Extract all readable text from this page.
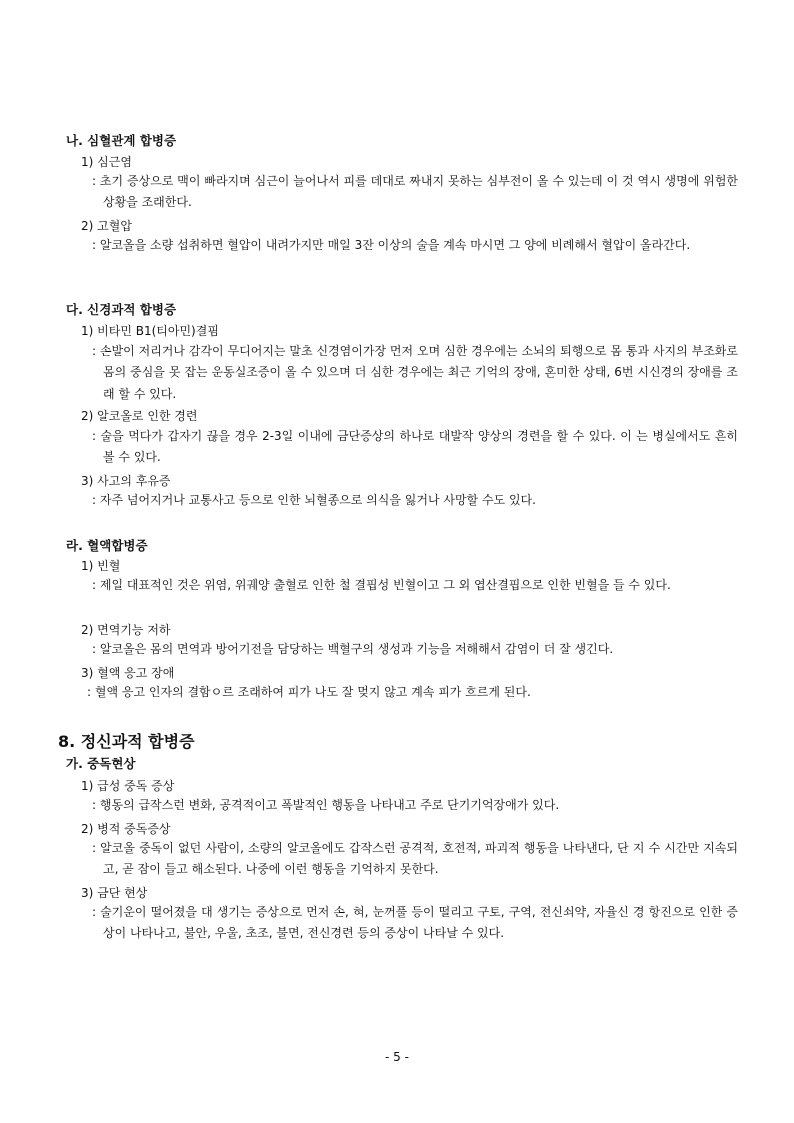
나. 심혈관계 합병증
1) 심근염
: 초기 증상으로 맥이 빠라지며 심근이 늘어나서 피를 데대로 짜내지 못하는 심부전이 올 수 있는데 이 것 역시 생명에 위험한 상황을 조래한다.
2) 고혈압
: 알코올을 소량 섭취하면 혈압이 내려가지만 매일 3잔 이상의 술을 계속 마시면 그 양에 비례해서 혈압이 올라간다.
다. 신경과적 합병증
1) 비타민 B1(티아민)결핌
: 손발이 저리거나 감각이 무디어지는 말초 신경염이가장 먼저 오며 심한 경우에는 소뇌의 퇴행으로 몸 통과 사지의 부조화로 몸의 중심을 못 잡는 운동실조증이 올 수 있으며 더 심한 경우에는 최근 기억의 장애, 혼미한 상태, 6번 시신경의 장애를 조래 할 수 있다.
2) 알코올로 인한 경련
: 술을 먹다가 갑자기 끊을 경우 2-3일 이내에 금단증상의 하나로 대발작 양상의 경련을 할 수 있다. 이 는 병실에서도 흔히 볼 수 있다.
3) 사고의 후유증
: 자주 넘어지거나 교통사고 등으로 인한 뇌혈종으로 의식을 잃거나 사망할 수도 있다.
라. 혈액합병증
1) 빈혈
: 제일 대표적인 것은 위염, 위궤양 출혈로 인한 철 결핍성 빈혈이고 그 외 엽산결핍으로 인한 빈혈을 들 수 있다.
2) 면역기능 저하
: 알코올은 몸의 면역과 방어기전을 담당하는 백혈구의 생성과 기능을 저해해서 감염이 더 잘 생긴다.
3) 혈액 응고 장애
: 혈액 응고 인자의 결함ㅇ르 조래하여 피가 나도 잘 멎지 않고 계속 피가 흐르게 된다.
8. 정신과적 합병증
가. 중독현상
1) 급성 중독 증상
: 행동의 급작스런 변화, 공격적이고 폭발적인 행동을 나타내고 주로 단기기억장애가 있다.
2) 병적 중독증상
: 알코올 중독이 없던 사람이, 소량의 알코올에도 갑작스런 공격적, 호전적, 파괴적 행동을 나타낸다, 단 지 수 시간만 지속되고, 곧 잠이 들고 해소된다. 나중에 이런 행동을 기억하지 못한다.
3) 금단 현상
: 술기운이 떨어졌을 대 생기는 증상으로 먼저 손, 혀, 눈꺼풀 등이 떨리고 구토, 구역, 전신쇠약, 자율신 경 항진으로 인한 증상이 나타나고, 불안, 우울, 초조, 불면, 전신경련 등의 증상이 나타날 수 있다.
- 5 -
